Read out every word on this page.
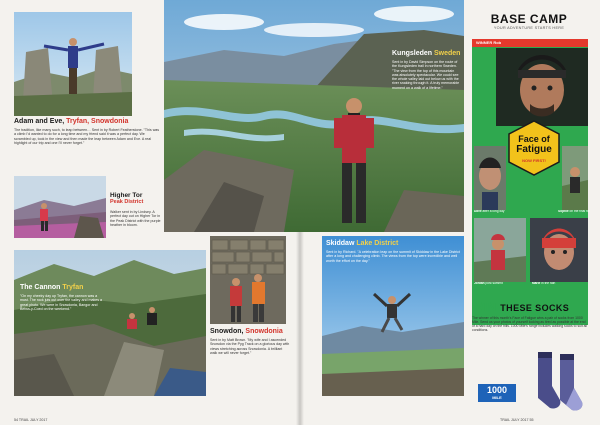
Adam and Eve, Tryfan, Snowdonia
The tradition, like many such, to leap between… Sent in by Robert Featherstone. "This was a climb I'd wanted to do for a long time and my friend said it was a perfect day. We scrambled up, took in the view and then made the leap between Adam and Eve. A real highlight of our trip and one I'll never forget."
Higher Tor
Peak District
Walker sent in by Lindsey. A perfect day out on Higher Tor in the Peak District with the purple heather in bloom.
The Cannon Tryfan
"On my cheeky day up Tryfan, the cannon was a must. The rock juts out over the valley and makes a great photo. We were in Snowdonia, Bangor and Betws-y-Coed on the weekend."
Snowdon, Snowdonia
Sent in by Matt Brown. "My wife and I ascended Snowdon via the Pyg Track on a glorious day with views stretching across Snowdonia. A brilliant walk we will never forget."
54 TRAIL JULY 2017
Kungsleden Sweden
Sent in by David Simpson on the route of the Kungsleden trail in northern Sweden. "The view from the top of this mountain was absolutely spectacular. We could see the whole valley laid out below us with the river snaking through it. A truly memorable moment on a walk of a lifetime."
Skiddaw Lake District
Sent in by Richard. "A celebration leap on the summit of Skiddaw in the Lake District after a long and challenging climb. The views from the top were incredible and well worth the effort on the day."
TRAIL JULY 2017 55
BASE CAMP
YOUR ADVENTURE STARTS HERE
WINNER Rob
Face of
Fatigue
NOW FIRST!
Dave after a long day	Sophie on the final hill
Jordan post summit	Marie in the rain
WIN THESE SOCKS
The winner of this month's Face of Fatigue wins a pair of socks from 1000 Mile. Send us your photos of yourself looking as tired as possible at the end of a hard day on the hills. 1000 Mile's range includes walking socks to suit all conditions.
1000
MILE
